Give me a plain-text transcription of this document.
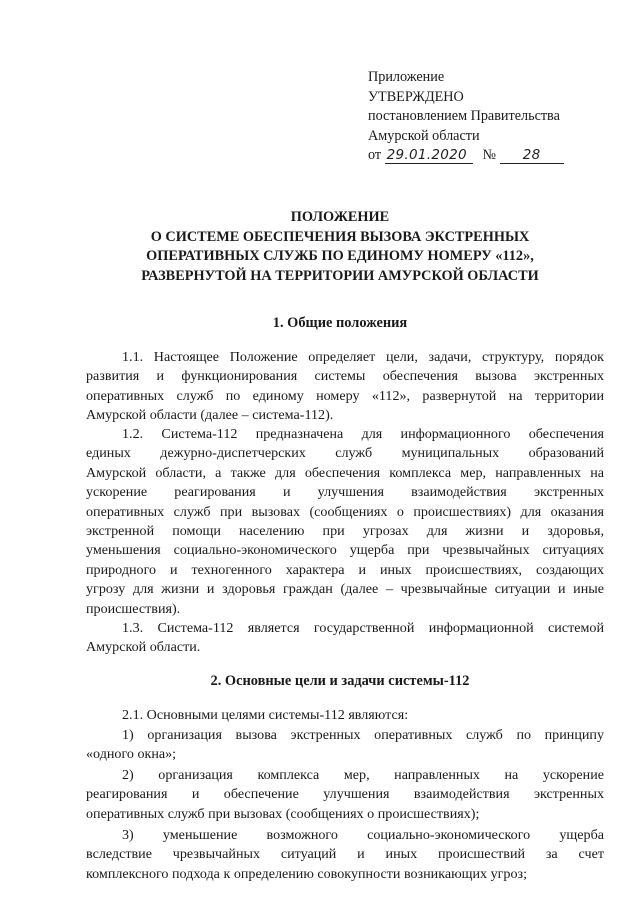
Приложение
УТВЕРЖДЕНО
постановлением Правительства
Амурской области
от 29.01.2020 № 28
ПОЛОЖЕНИЕ
О СИСТЕМЕ ОБЕСПЕЧЕНИЯ ВЫЗОВА ЭКСТРЕННЫХ
ОПЕРАТИВНЫХ СЛУЖБ ПО ЕДИНОМУ НОМЕРУ «112»,
РАЗВЕРНУТОЙ НА ТЕРРИТОРИИ АМУРСКОЙ ОБЛАСТИ
1. Общие положения
1.1. Настоящее Положение определяет цели, задачи, структуру, порядок
развития и функционирования системы обеспечения вызова экстренных
оперативных служб по единому номеру «112», развернутой на территории
Амурской области (далее – система-112).
1.2. Система-112 предназначена для информационного обеспечения
единых дежурно-диспетчерских служб муниципальных образований
Амурской области, а также для обеспечения комплекса мер, направленных на
ускорение реагирования и улучшения взаимодействия экстренных
оперативных служб при вызовах (сообщениях о происшествиях) для оказания
экстренной помощи населению при угрозах для жизни и здоровья,
уменьшения социально-экономического ущерба при чрезвычайных ситуациях
природного и техногенного характера и иных происшествиях, создающих
угрозу для жизни и здоровья граждан (далее – чрезвычайные ситуации и иные
происшествия).
1.3. Система-112 является государственной информационной системой
Амурской области.
2. Основные цели и задачи системы-112
2.1. Основными целями системы-112 являются:
1) организация вызова экстренных оперативных служб по принципу
«одного окна»;
2) организация комплекса мер, направленных на ускорение
реагирования и обеспечение улучшения взаимодействия экстренных
оперативных служб при вызовах (сообщениях о происшествиях);
3) уменьшение возможного социально-экономического ущерба
вследствие чрезвычайных ситуаций и иных происшествий за счет
комплексного подхода к определению совокупности возникающих угроз;
